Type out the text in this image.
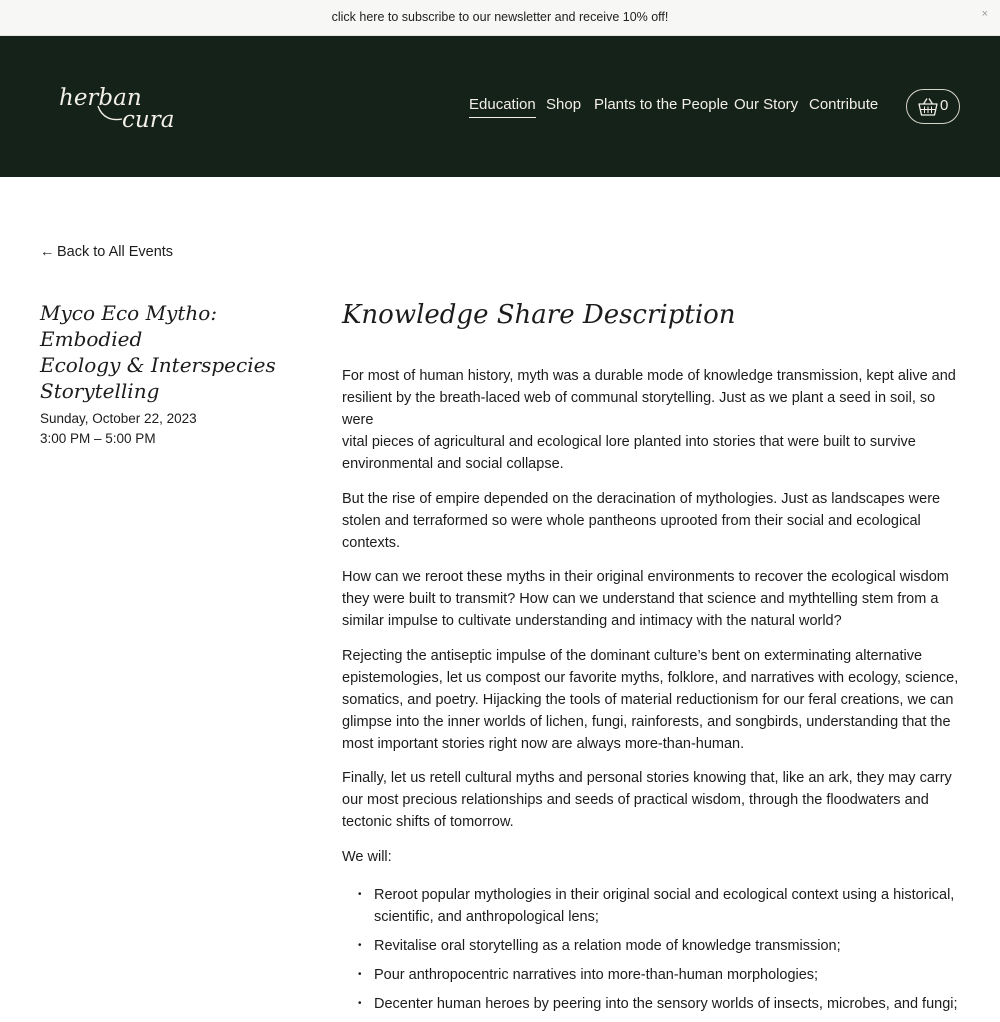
click here to subscribe to our newsletter and receive 10% off!	×
herban
cura
Education Shop Plants to the People Our Story Contribute	0
← Back to All Events
Myco Eco Mytho: Embodied
Ecology & Interspecies
Storytelling
Sunday, October 22, 2023
3:00 PM – 5:00 PM
Knowledge Share Description
For most of human history, myth was a durable mode of knowledge transmission, kept alive and
resilient by the breath-laced web of communal storytelling. Just as we plant a seed in soil, so were
vital pieces of agricultural and ecological lore planted into stories that were built to survive
environmental and social collapse.
But the rise of empire depended on the deracination of mythologies. Just as landscapes were
stolen and terraformed so were whole pantheons uprooted from their social and ecological
contexts.
How can we reroot these myths in their original environments to recover the ecological wisdom
they were built to transmit? How can we understand that science and mythtelling stem from a
similar impulse to cultivate understanding and intimacy with the natural world?
Rejecting the antiseptic impulse of the dominant culture’s bent on exterminating alternative
epistemologies, let us compost our favorite myths, folklore, and narratives with ecology, science,
somatics, and poetry. Hijacking the tools of material reductionism for our feral creations, we can
glimpse into the inner worlds of lichen, fungi, rainforests, and songbirds, understanding that the
most important stories right now are always more-than-human.
Finally, let us retell cultural myths and personal stories knowing that, like an ark, they may carry
our most precious relationships and seeds of practical wisdom, through the floodwaters and
tectonic shifts of tomorrow.
We will:
• Reroot popular mythologies in their original social and ecological context using a historical,
scientific, and anthropological lens;
• Revitalise oral storytelling as a relation mode of knowledge transmission;
• Pour anthropocentric narratives into more-than-human morphologies;
• Decenter human heroes by peering into the sensory worlds of insects, microbes, and fungi;
